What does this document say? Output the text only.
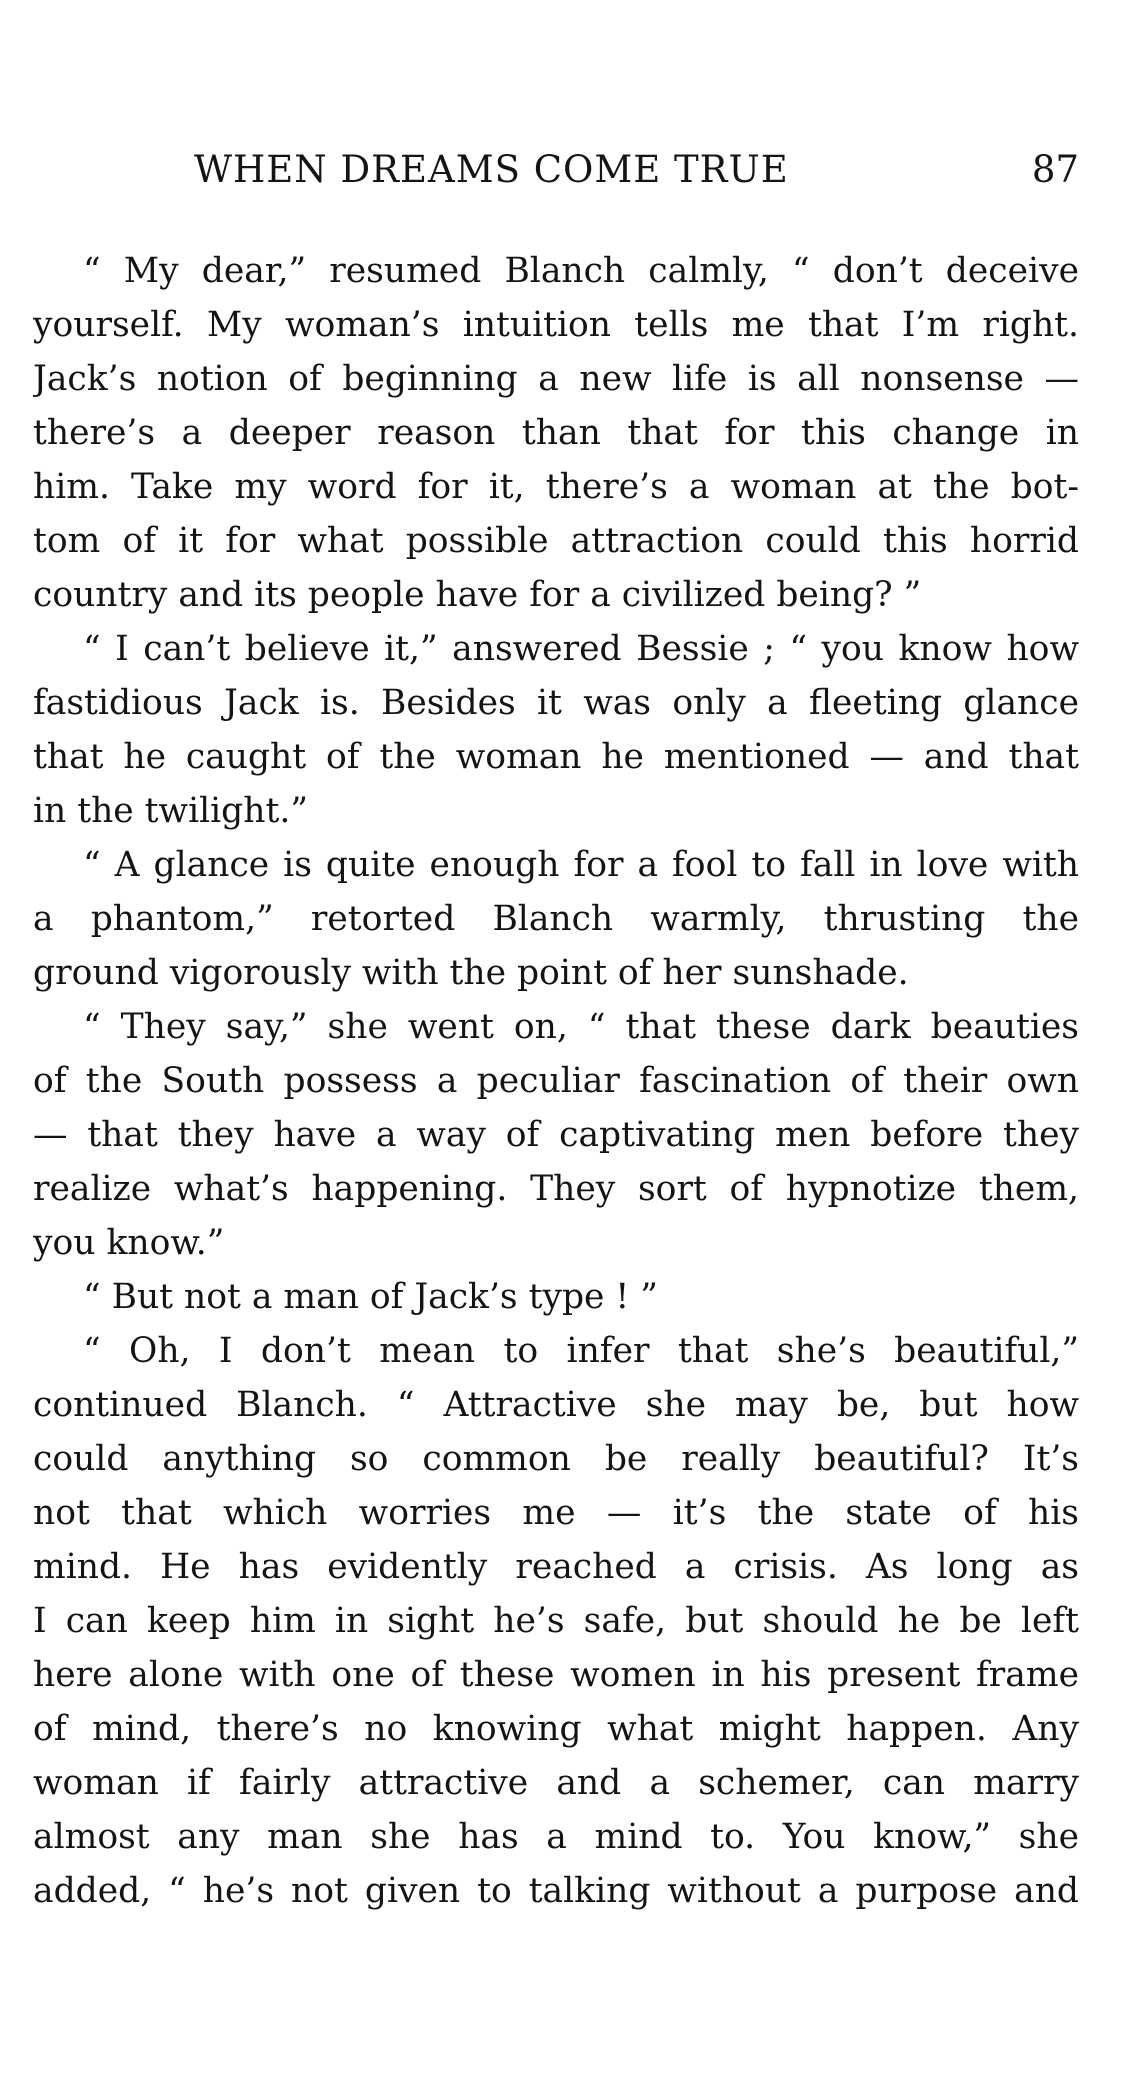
WHEN DREAMS COME TRUE	87
“ My dear,” resumed Blanch calmly, “ don’t deceive
yourself. My woman’s intuition tells me that I’m right.
Jack’s notion of beginning a new life is all nonsense —
there’s a deeper reason than that for this change in
him. Take my word for it, there’s a woman at the bot-
tom of it for what possible attraction could this horrid
country and its people have for a civilized being? ”
“ I can’t believe it,” answered Bessie ; “ you know how
fastidious Jack is. Besides it was only a fleeting glance
that he caught of the woman he mentioned — and that
in the twilight.”
“ A glance is quite enough for a fool to fall in love with
a phantom,” retorted Blanch warmly, thrusting the
ground vigorously with the point of her sunshade.
“ They say,” she went on, “ that these dark beauties
of the South possess a peculiar fascination of their own
— that they have a way of captivating men before they
realize what’s happening. They sort of hypnotize them,
you know.”
“ But not a man of Jack’s type ! ”
“ Oh, I don’t mean to infer that she’s beautiful,”
continued Blanch. “ Attractive she may be, but how
could anything so common be really beautiful? It’s
not that which worries me — it’s the state of his
mind. He has evidently reached a crisis. As long as
I can keep him in sight he’s safe, but should he be left
here alone with one of these women in his present frame
of mind, there’s no knowing what might happen. Any
woman if fairly attractive and a schemer, can marry
almost any man she has a mind to. You know,” she
added, “ he’s not given to talking without a purpose and
